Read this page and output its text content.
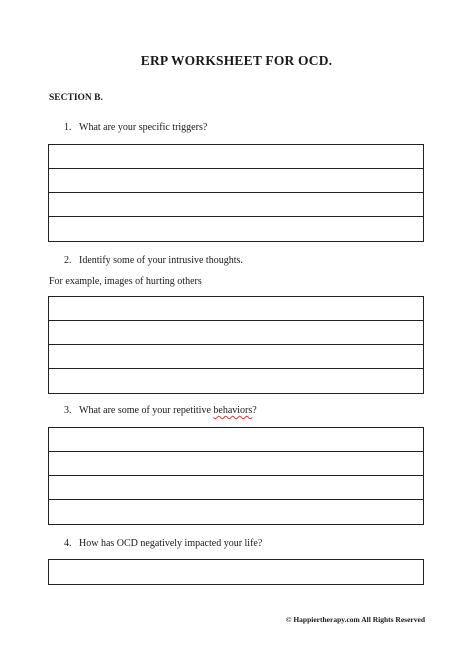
ERP WORKSHEET FOR OCD.
SECTION B.
1. What are your specific triggers?
2. Identify some of your intrusive thoughts.
For example, images of hurting others
3. What are some of your repetitive behaviors?
4. How has OCD negatively impacted your life?
© Happiertherapy.com All Rights Reserved
